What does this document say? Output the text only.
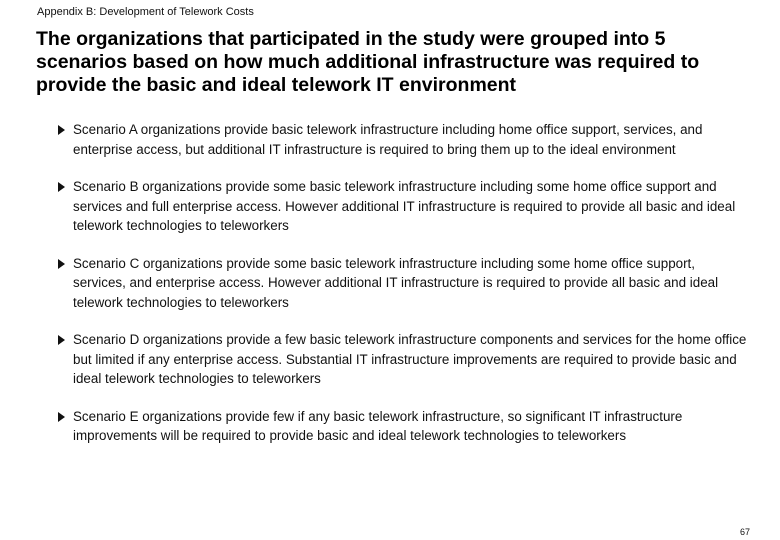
Appendix B: Development of Telework Costs
The organizations that participated in the study were grouped into 5 scenarios based on how much additional infrastructure was required to provide the basic and ideal telework IT environment
Scenario A organizations provide basic telework infrastructure including home office support, services, and enterprise access, but additional IT infrastructure is required to bring them up to the ideal environment
Scenario B organizations provide some basic telework infrastructure including some home office support and services and full enterprise access. However additional IT infrastructure is required to provide all basic and ideal telework technologies to teleworkers
Scenario C organizations provide some basic telework infrastructure including some home office support, services, and enterprise access. However additional IT infrastructure is required to provide all basic and ideal telework technologies to teleworkers
Scenario D organizations provide a few basic telework infrastructure components and services for the home office but limited if any enterprise access. Substantial IT infrastructure improvements are required to provide basic and ideal telework technologies to teleworkers
Scenario E organizations provide few if any basic telework infrastructure, so significant IT infrastructure improvements will be required to provide basic and ideal telework technologies to teleworkers
67
